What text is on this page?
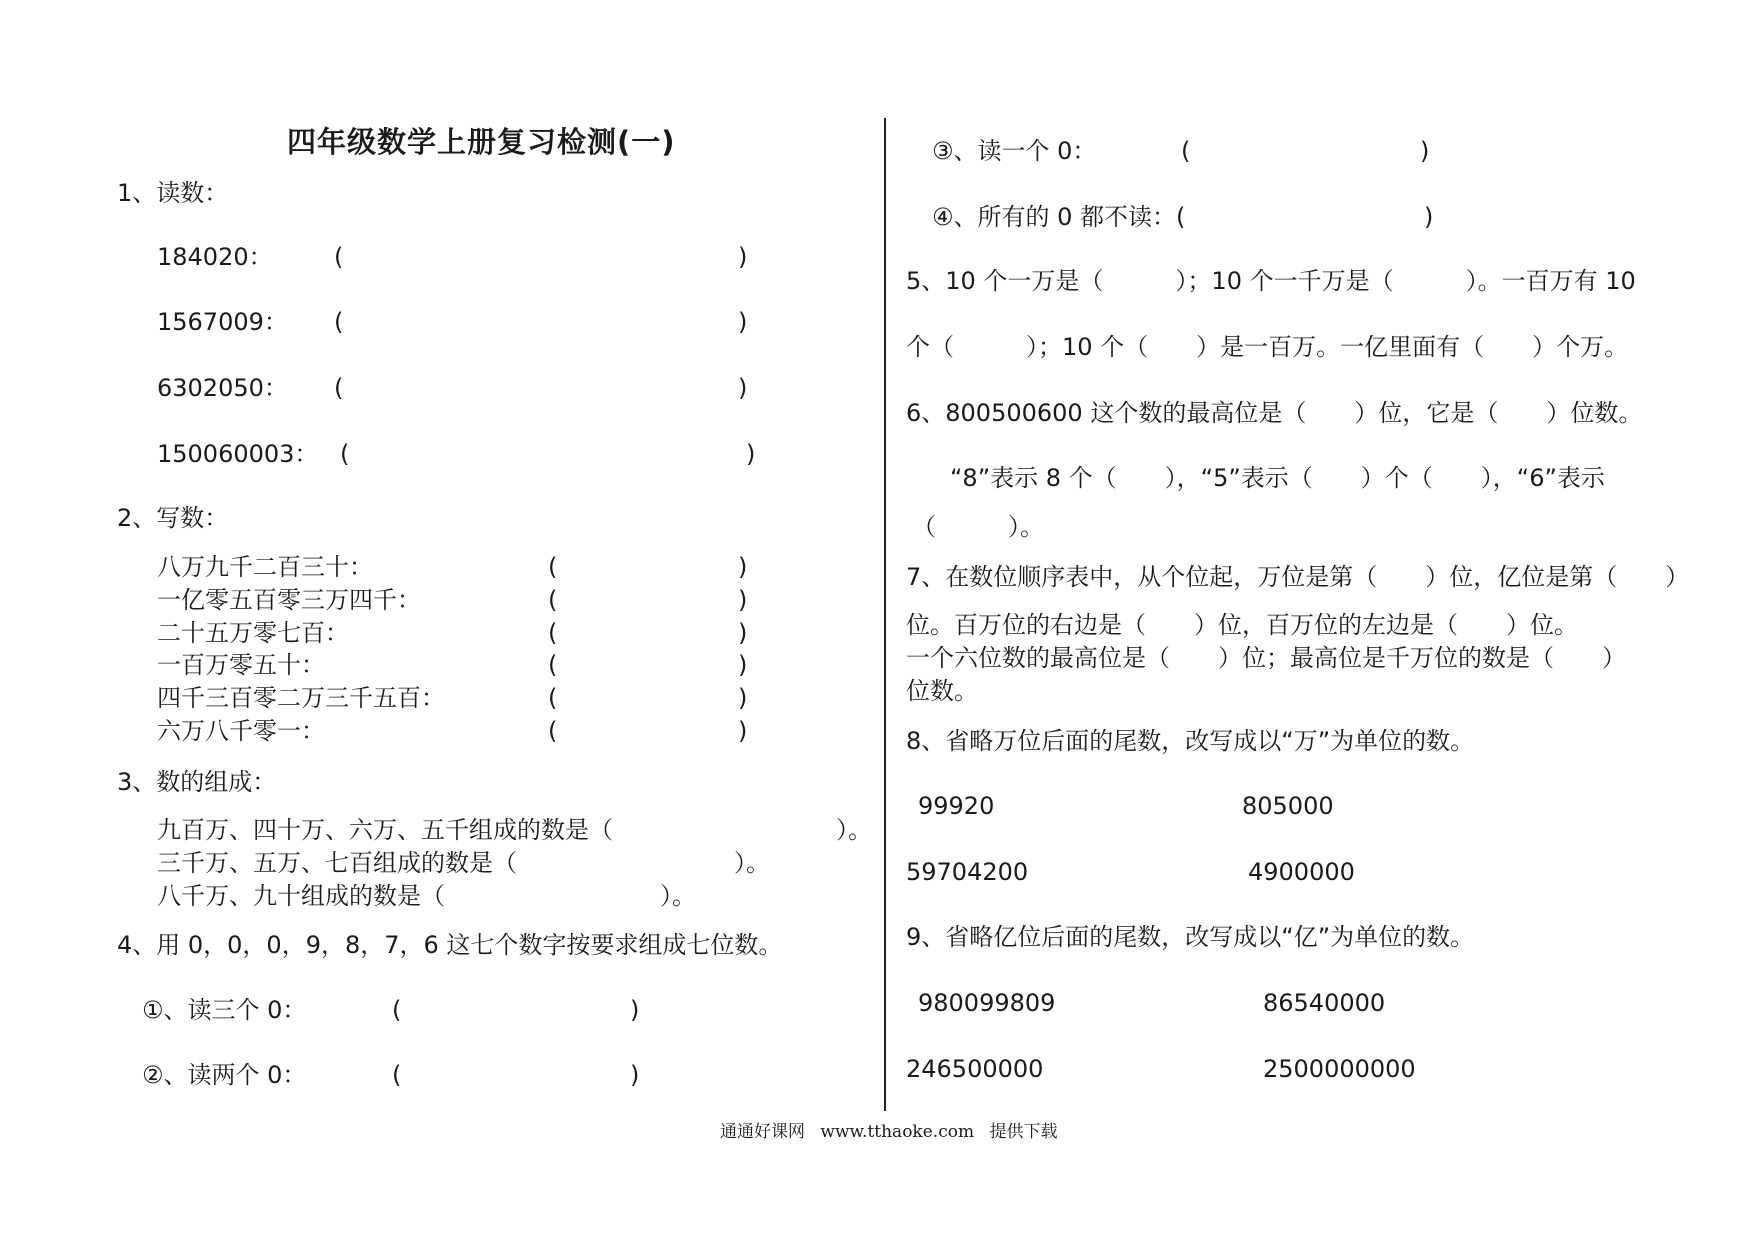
四年级数学上册复习检测(一)
1、读数：
184020：	(	)
1567009： (	)
6302050： (	)
150060003： (	)
2、写数：
八万九千二百三十：	(	)
一亿零五百零三万四千：	(	)
二十五万零七百：	(	)
一百万零五十：	(	)
四千三百零二万三千五百：	(	)
六万八千零一：	(	)
3、数的组成：
九百万、四十万、六万、五千组成的数是（	）。
三千万、五万、七百组成的数是（	）。
八千万、九十组成的数是（	）。
4、用 0，0，0，9，8，7，6 这七个数字按要求组成七位数。
①、读三个 0：	(	)
②、读两个 0：	(	)
③、读一个 0：	(	)
④、所有的 0 都不读：(	)
5、10 个一万是（　　　）；10 个一千万是（　　　）。一百万有 10
个（　　　）；10 个（　　）是一百万。一亿里面有（　　）个万。
6、800500600 这个数的最高位是（　　）位，它是（　　）位数。
“8”表示 8 个（　　），“5”表示（　　）个（　　），“6”表示
（　　　）。
7、在数位顺序表中，从个位起，万位是第（　　）位，亿位是第（　　）
位。百万位的右边是（　　）位，百万位的左边是（　　）位。
一个六位数的最高位是（　　）位；最高位是千万位的数是（　　）
位数。
8、省略万位后面的尾数，改写成以“万”为单位的数。
99920	805000
59704200	4900000
9、省略亿位后面的尾数，改写成以“亿”为单位的数。
980099809	86540000
246500000	2500000000
通通好课网 www.tthaoke.com 提供下载
